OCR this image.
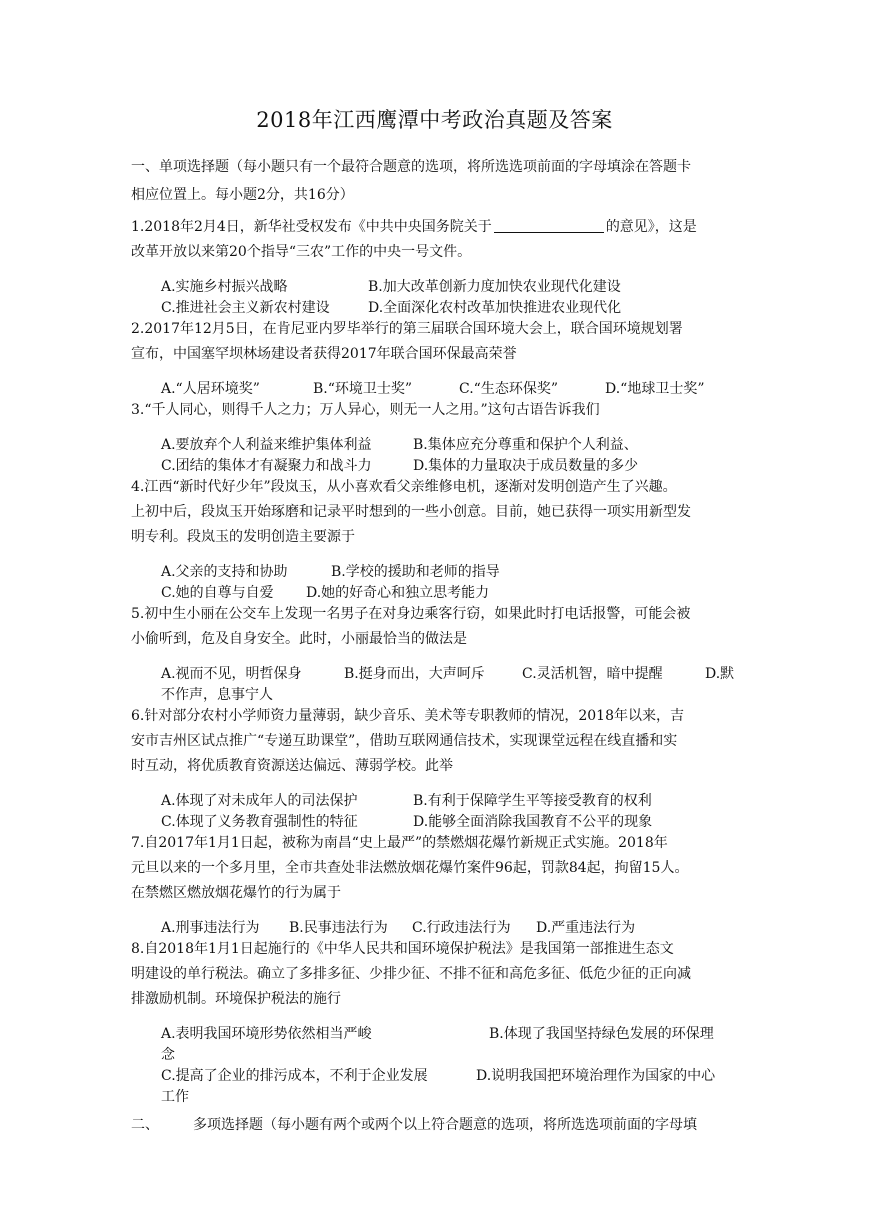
2018年江西鹰潭中考政治真题及答案
一、单项选择题（每小题只有一个最符合题意的选项，将所选选项前面的字母填涂在答题卡
相应位置上。每小题2分，共16分）
1.2018年2月4日，新华社受权发布《中共中央国务院关于	的意见》，这是
改革开放以来第20个指导“三农”工作的中央一号文件。
A.实施乡村振兴战略	B.加大改革创新力度加快农业现代化建设
C.推进社会主义新农村建设	D.全面深化农村改革加快推进农业现代化
2.2017年12月5日，在肯尼亚内罗毕举行的第三届联合国环境大会上，联合国环境规划署
宣布，中国塞罕坝林场建设者获得2017年联合国环保最高荣誉
A.“人居环境奖”	B.“环境卫士奖”	C.“生态环保奖”	D.“地球卫士奖”
3.“千人同心，则得千人之力；万人异心，则无一人之用。”这句古语告诉我们
A.要放弃个人利益来维护集体利益	B.集体应充分尊重和保护个人利益、
C.团结的集体才有凝聚力和战斗力	D.集体的力量取决于成员数量的多少
4.江西“新时代好少年”段岚玉，从小喜欢看父亲维修电机，逐渐对发明创造产生了兴趣。
上初中后，段岚玉开始琢磨和记录平时想到的一些小创意。目前，她已获得一项实用新型发
明专利。段岚玉的发明创造主要源于
A.父亲的支持和协助	B.学校的援助和老师的指导
C.她的自尊与自爱 D.她的好奇心和独立思考能力
5.初中生小丽在公交车上发现一名男子在对身边乘客行窃，如果此时打电话报警，可能会被
小偷听到，危及自身安全。此时，小丽最恰当的做法是
A.视而不见，明哲保身	B.挺身而出，大声呵斥	C.灵活机智，暗中提醒	D.默
不作声，息事宁人
6.针对部分农村小学师资力量薄弱，缺少音乐、美术等专职教师的情况，2018年以来，吉
安市吉州区试点推广“专递互助课堂”，借助互联网通信技术，实现课堂远程在线直播和实
时互动，将优质教育资源送达偏远、薄弱学校。此举
A.体现了对未成年人的司法保护	B.有利于保障学生平等接受教育的权利
C.体现了义务教育强制性的特征	D.能够全面消除我国教育不公平的现象
7.自2017年1月1日起，被称为南昌“史上最严”的禁燃烟花爆竹新规正式实施。2018年
元旦以来的一个多月里，全市共查处非法燃放烟花爆竹案件96起，罚款84起，拘留15人。
在禁燃区燃放烟花爆竹的行为属于
A.刑事违法行为 B.民事违法行为 C.行政违法行为 D.严重违法行为
8.自2018年1月1日起施行的《中华人民共和国环境保护税法》是我国第一部推进生态文
明建设的单行税法。确立了多排多征、少排少征、不排不征和高危多征、低危少征的正向减
排激励机制。环境保护税法的施行
A.表明我国环境形势依然相当严峻	B.体现了我国坚持绿色发展的环保理
念
C.提高了企业的排污成本，不利于企业发展	D.说明我国把环境治理作为国家的中心
工作
二、 多项选择题（每小题有两个或两个以上符合题意的选项，将所选选项前面的字母填
